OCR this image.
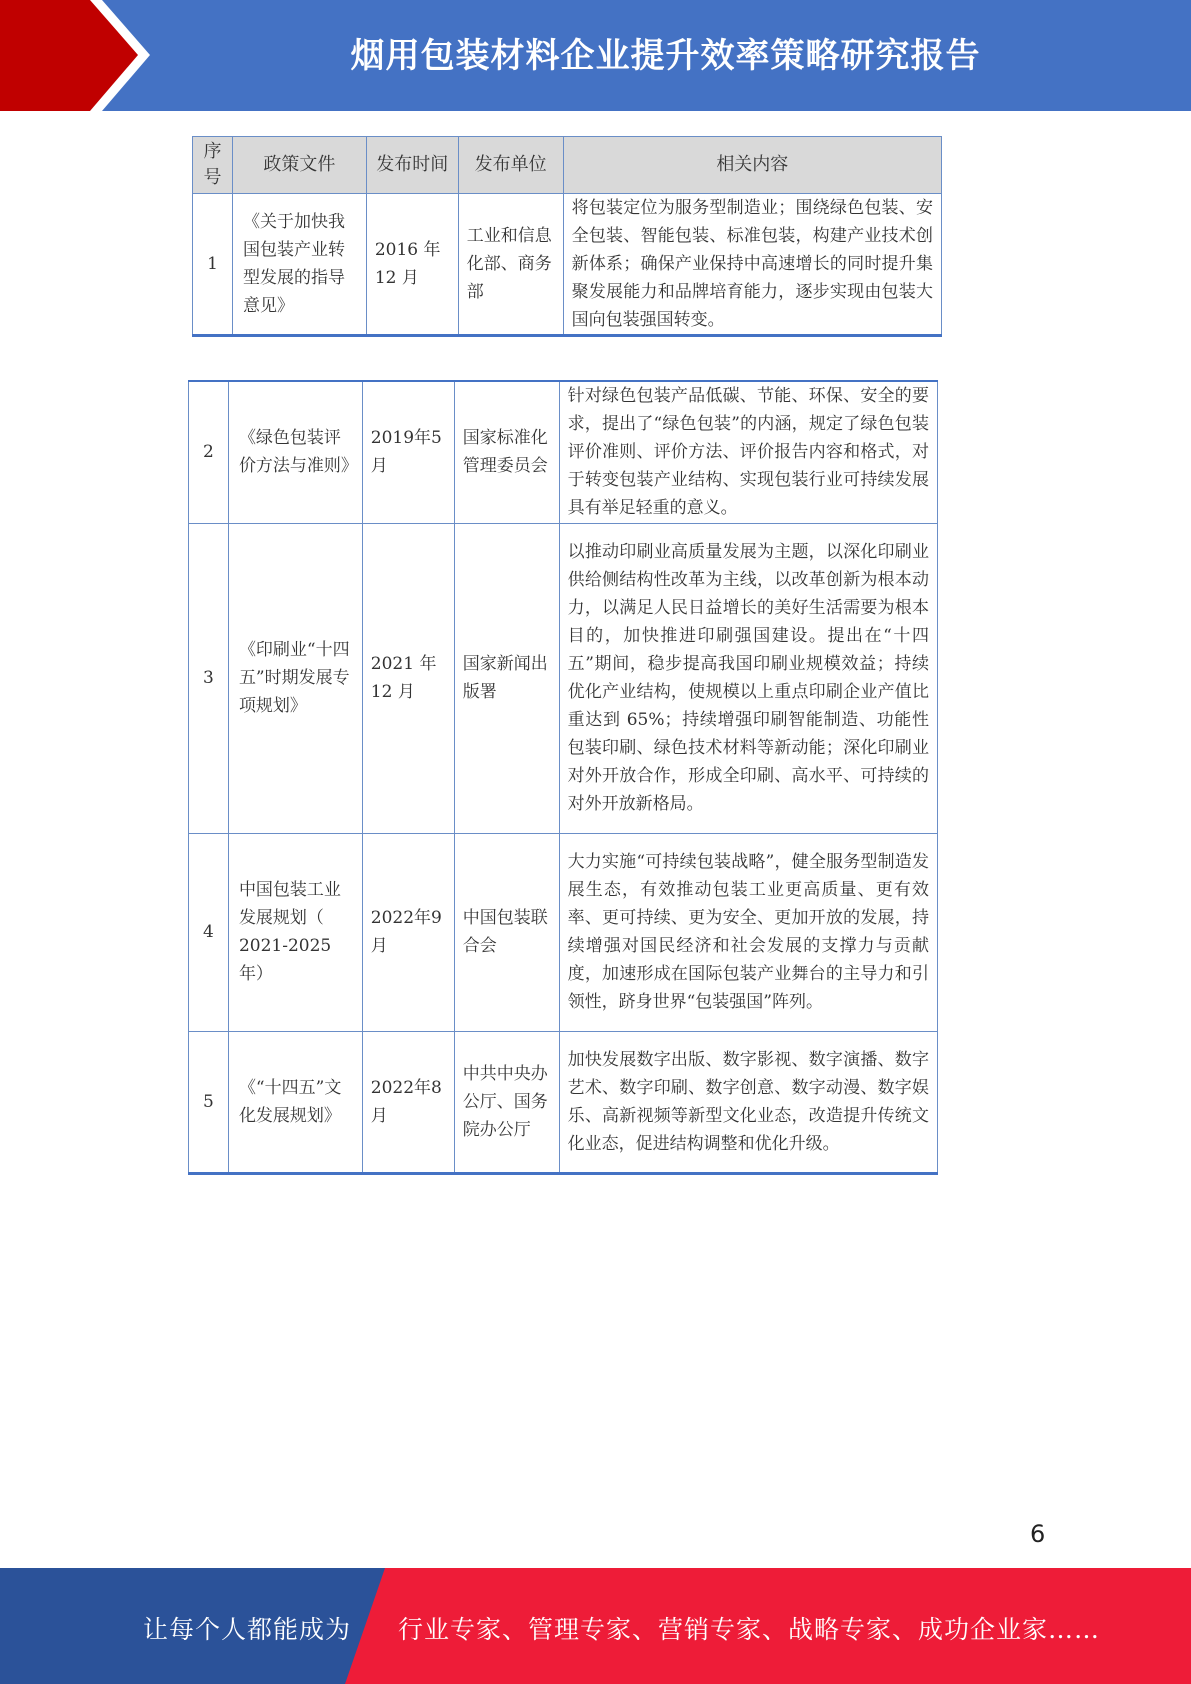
烟用包装材料企业提升效率策略研究报告
序号	政策文件	发布时间	发布单位	相关内容
1	《关于加快我国包装产业转型发展的指导意见》	2016 年 12 月	工业和信息化部、商务部	将包装定位为服务型制造业；围绕绿色包装、安全包装、智能包装、标准包装，构建产业技术创新体系；确保产业保持中高速增长的同时提升集聚发展能力和品牌培育能力，逐步实现由包装大国向包装强国转变。
2	《绿色包装评价方法与准则》	2019年5月	国家标准化管理委员会	针对绿色包装产品低碳、节能、环保、安全的要求，提出了“绿色包装”的内涵，规定了绿色包装评价准则、评价方法、评价报告内容和格式，对于转变包装产业结构、实现包装行业可持续发展具有举足轻重的意义。
3	《印刷业“十四五”时期发展专项规划》	2021 年 12 月	国家新闻出版署	以推动印刷业高质量发展为主题，以深化印刷业供给侧结构性改革为主线，以改革创新为根本动力，以满足人民日益增长的美好生活需要为根本目的，加快推进印刷强国建设。提出在“十四五”期间，稳步提高我国印刷业规模效益；持续优化产业结构，使规模以上重点印刷企业产值比重达到 65%；持续增强印刷智能制造、功能性包装印刷、绿色技术材料等新动能；深化印刷业对外开放合作，形成全印刷、高水平、可持续的对外开放新格局。
4	中国包装工业发展规划（ 2021-2025 年）	2022年9月	中国包装联合会	大力实施“可持续包装战略”，健全服务型制造发展生态，有效推动包装工业更高质量、更有效率、更可持续、更为安全、更加开放的发展，持续增强对国民经济和社会发展的支撑力与贡献度，加速形成在国际包装产业舞台的主导力和引领性，跻身世界“包装强国”阵列。
5	《“十四五”文化发展规划》	2022年8月	中共中央办公厅、国务院办公厅	加快发展数字出版、数字影视、数字演播、数字艺术、数字印刷、数字创意、数字动漫、数字娱乐、高新视频等新型文化业态，改造提升传统文化业态，促进结构调整和优化升级。
6
让每个人都能成为 行业专家、管理专家、营销专家、战略专家、成功企业家……
